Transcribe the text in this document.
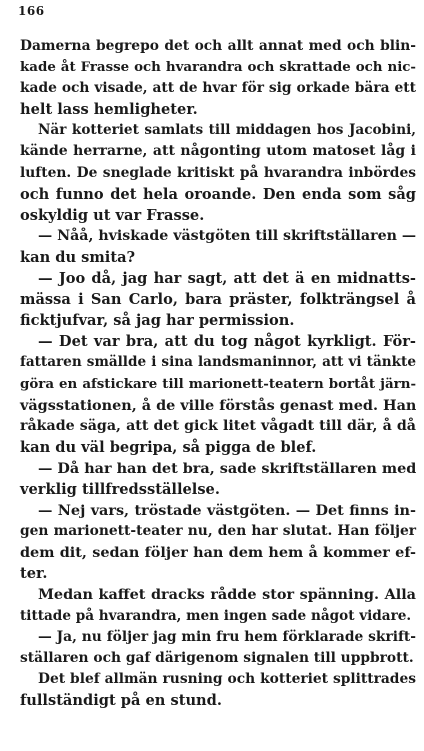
166
Damerna begrepo det och allt annat med och blin-
kade åt Frasse och hvarandra och skrattade och nic-
kade och visade, att de hvar för sig orkade bära ett
helt lass hemligheter.
När kotteriet samlats till middagen hos Jacobini,
kände herrarne, att någonting utom matoset låg i
luften. De sneglade kritiskt på hvarandra inbördes
och funno det hela oroande. Den enda som såg
oskyldig ut var Frasse.
— Nåå, hviskade västgöten till skriftställaren —
kan du smita?
— Joo då, jag har sagt, att det ä en midnatts-
mässa i San Carlo, bara präster, folkträngsel å
ficktjufvar, så jag har permission.
— Det var bra, att du tog något kyrkligt. För-
fattaren smällde i sina landsmaninnor, att vi tänkte
göra en afstickare till marionett-teatern bortåt järn-
vägsstationen, å de ville förstås genast med. Han
råkade säga, att det gick litet vågadt till där, å då
kan du väl begripa, så pigga de blef.
— Då har han det bra, sade skriftställaren med
verklig tillfredsställelse.
— Nej vars, tröstade västgöten. — Det finns in-
gen marionett-teater nu, den har slutat. Han följer
dem dit, sedan följer han dem hem å kommer ef-
ter.
Medan kaffet dracks rådde stor spänning. Alla
tittade på hvarandra, men ingen sade något vidare.
— Ja, nu följer jag min fru hem förklarade skrift-
ställaren och gaf därigenom signalen till uppbrott.
Det blef allmän rusning och kotteriet splittrades
fullständigt på en stund.
